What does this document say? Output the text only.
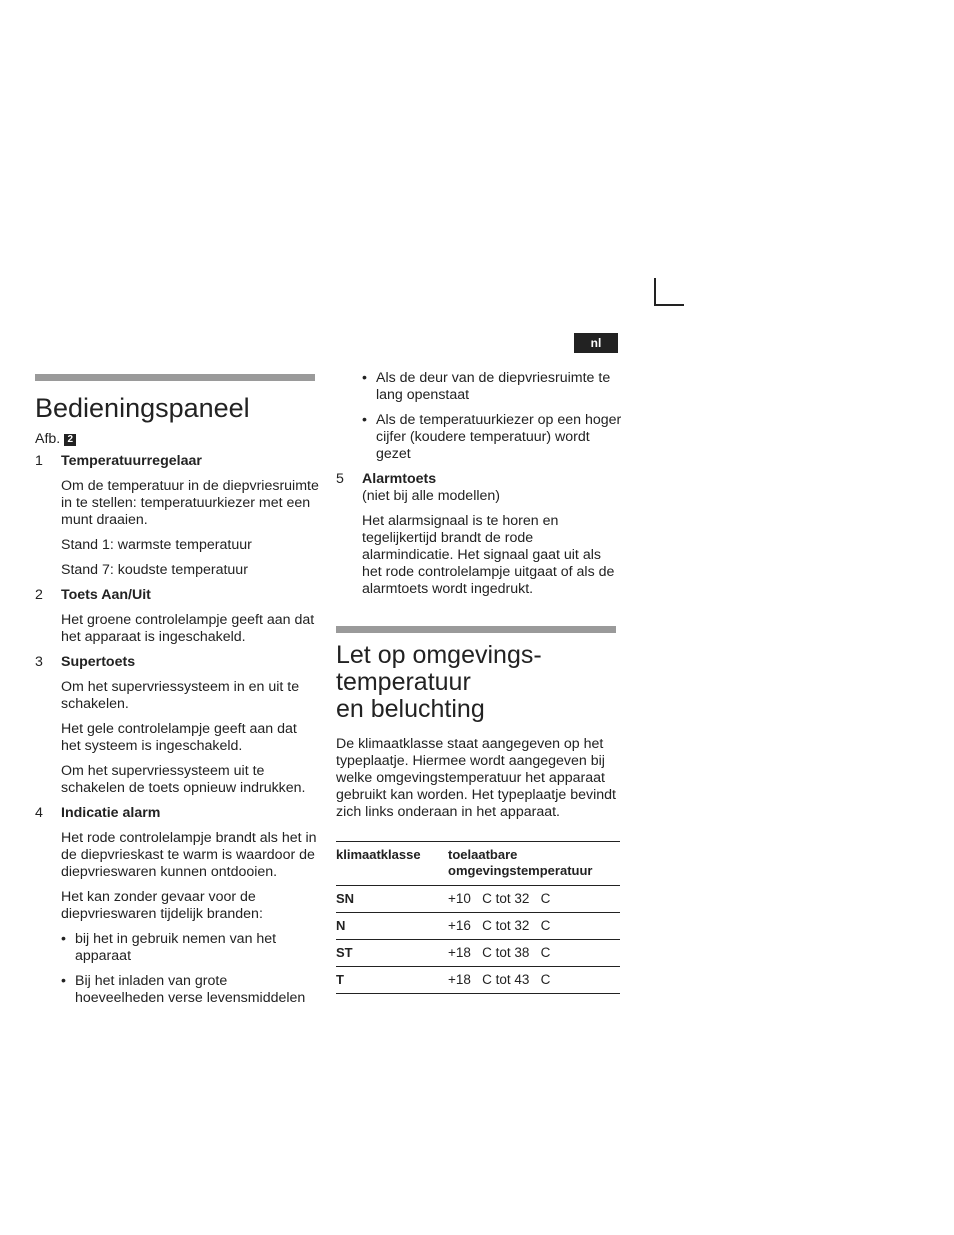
nl
Bedieningspaneel
Afb. 2
1	Temperatuurregelaar
Om de temperatuur in de diepvriesruimte in te stellen: temperatuurkiezer met een munt draaien.
Stand 1: warmste temperatuur
Stand 7: koudste temperatuur
2	Toets Aan/Uit
Het groene controlelampje geeft aan dat het apparaat is ingeschakeld.
3	Supertoets
Om het supervriessysteem in en uit te schakelen.
Het gele controlelampje geeft aan dat het systeem is ingeschakeld.
Om het supervriessysteem uit te schakelen de toets opnieuw indrukken.
4	Indicatie alarm
Het rode controlelampje brandt als het in de diepvrieskast te warm is waardoor de diepvrieswaren kunnen ontdooien.
Het kan zonder gevaar voor de diepvrieswaren tijdelijk branden:
• bij het in gebruik nemen van het apparaat
• Bij het inladen van grote hoeveelheden verse levensmiddelen
• Als de deur van de diepvriesruimte te lang openstaat
• Als de temperatuurkiezer op een hoger cijfer (koudere temperatuur) wordt gezet
5	Alarmtoets
(niet bij alle modellen)
Het alarmsignaal is te horen en tegelijkertijd brandt de rode alarmindicatie. Het signaal gaat uit als het rode controlelampje uitgaat of als de alarmtoets wordt ingedrukt.
Let op omgevings-
temperatuur
en beluchting
De klimaatklasse staat aangegeven op het typeplaatje. Hiermee wordt aangegeven bij welke omgevingstemperatuur het apparaat gebruikt kan worden. Het typeplaatje bevindt zich links onderaan in het apparaat.
klimaatklasse	toelaatbare
omgevingstemperatuur
SN	+10   C tot 32   C
N	+16   C tot 32   C
ST	+18   C tot 38   C
T	+18   C tot 43   C
